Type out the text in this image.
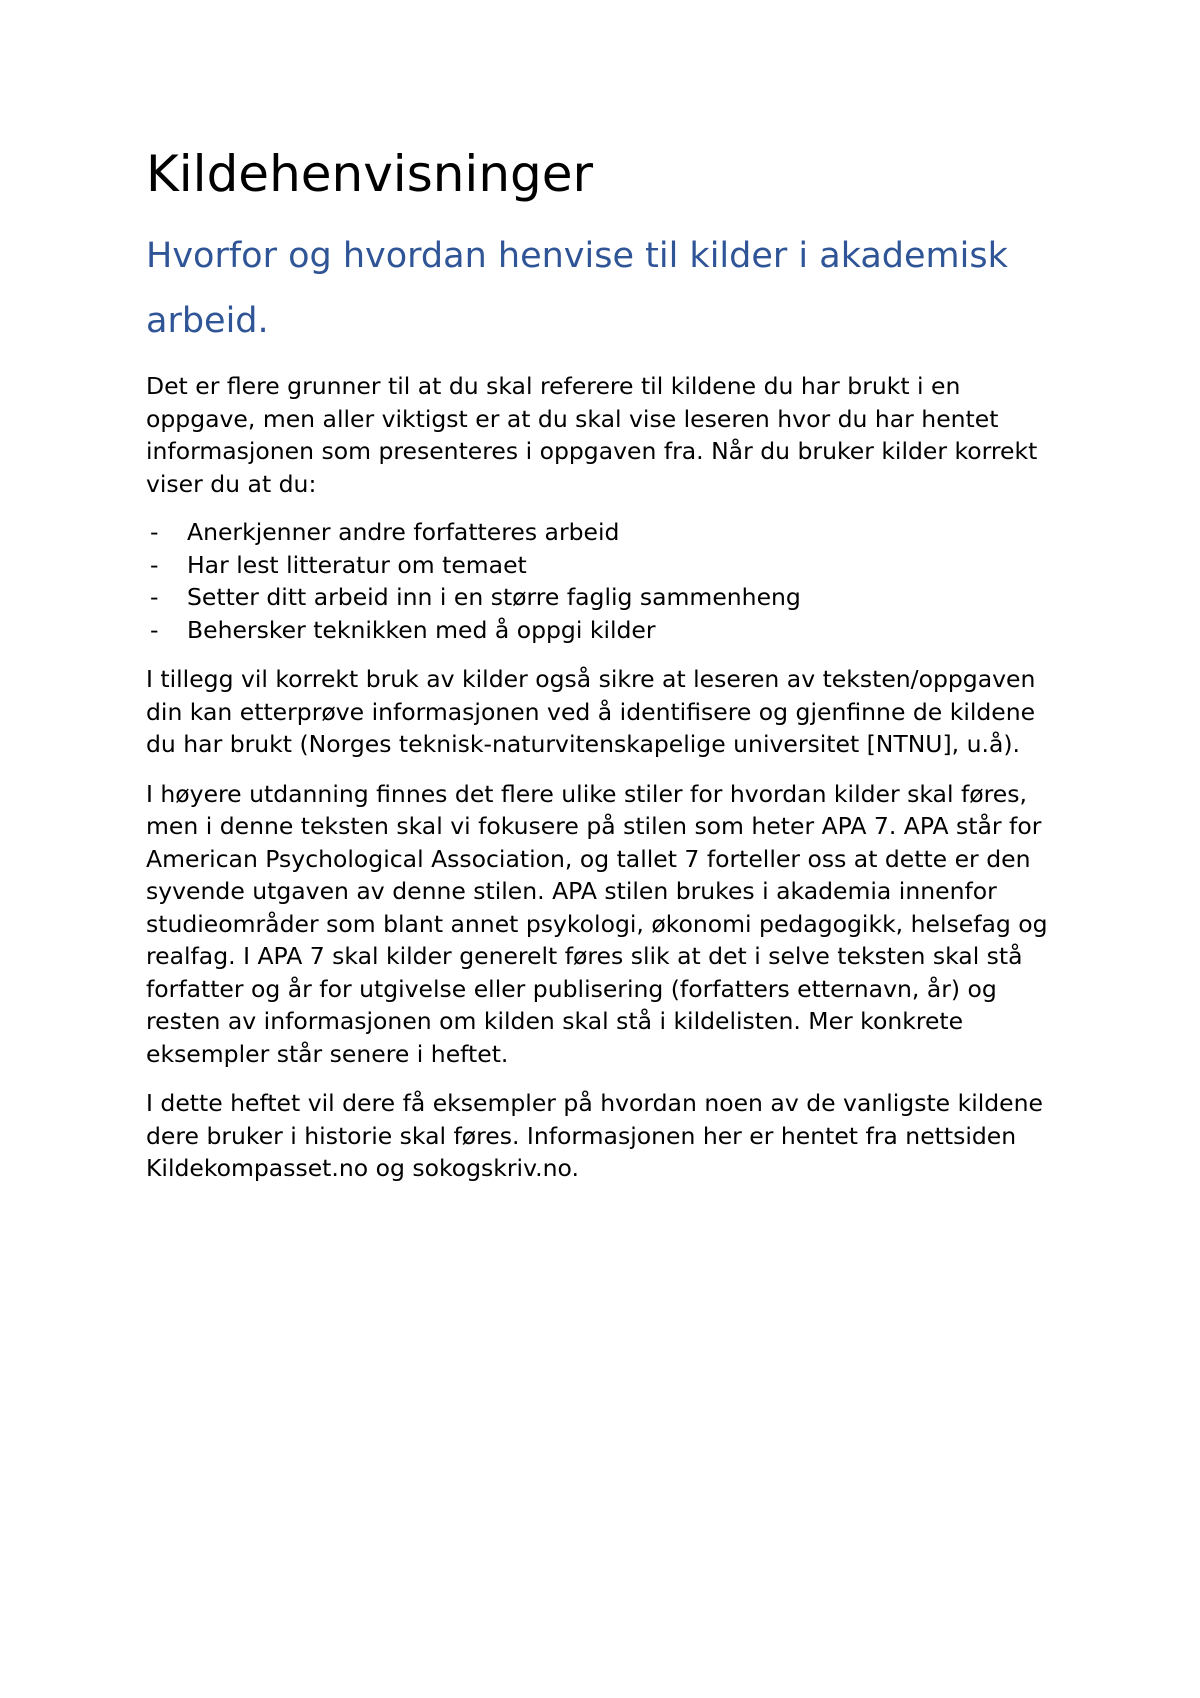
Kildehenvisninger
Hvorfor og hvordan henvise til kilder i akademisk arbeid.

Det er flere grunner til at du skal referere til kildene du har brukt i en oppgave, men aller viktigst er at du skal vise leseren hvor du har hentet informasjonen som presenteres i oppgaven fra. Når du bruker kilder korrekt viser du at du:

- Anerkjenner andre forfatteres arbeid
- Har lest litteratur om temaet
- Setter ditt arbeid inn i en større faglig sammenheng
- Behersker teknikken med å oppgi kilder

I tillegg vil korrekt bruk av kilder også sikre at leseren av teksten/oppgaven din kan etterprøve informasjonen ved å identifisere og gjenfinne de kildene du har brukt (Norges teknisk-naturvitenskapelige universitet [NTNU], u.å).

I høyere utdanning finnes det flere ulike stiler for hvordan kilder skal føres, men i denne teksten skal vi fokusere på stilen som heter APA 7. APA står for American Psychological Association, og tallet 7 forteller oss at dette er den syvende utgaven av denne stilen. APA stilen brukes i akademia innenfor studieområder som blant annet psykologi, økonomi pedagogikk, helsefag og realfag. I APA 7 skal kilder generelt føres slik at det i selve teksten skal stå forfatter og år for utgivelse eller publisering (forfatters etternavn, år) og resten av informasjonen om kilden skal stå i kildelisten. Mer konkrete eksempler står senere i heftet.

I dette heftet vil dere få eksempler på hvordan noen av de vanligste kildene dere bruker i historie skal føres. Informasjonen her er hentet fra nettsiden Kildekompasset.no og sokogskriv.no.
